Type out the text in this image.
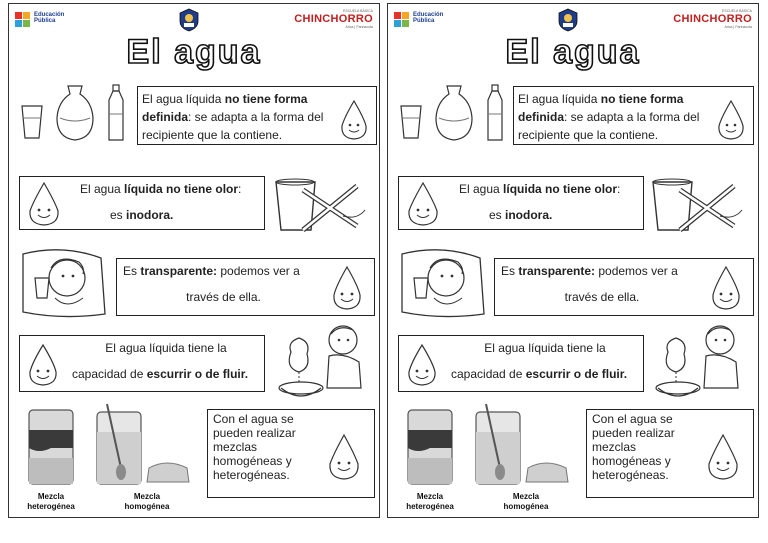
Educación
Pública
ESCUELA BÁSICA
CHINCHORRO
Arica | Parinacota
El agua
El agua líquida no tiene forma definida: se adapta a la forma del recipiente que la contiene.
El agua líquida no tiene olor:
es inodora.
Es transparente: podemos ver a
través de ella.
El agua líquida tiene la
capacidad de escurrir o de fluir.
Mezcla
heterogénea
Mezcla
homogénea
Con el agua se pueden realizar mezclas homogéneas y heterogéneas.
Educación
Pública
ESCUELA BÁSICA
CHINCHORRO
Arica | Parinacota
El agua
El agua líquida no tiene forma definida: se adapta a la forma del recipiente que la contiene.
El agua líquida no tiene olor:
es inodora.
Es transparente: podemos ver a
través de ella.
El agua líquida tiene la
capacidad de escurrir o de fluir.
Mezcla
heterogénea
Mezcla
homogénea
Con el agua se pueden realizar mezclas homogéneas y heterogéneas.
